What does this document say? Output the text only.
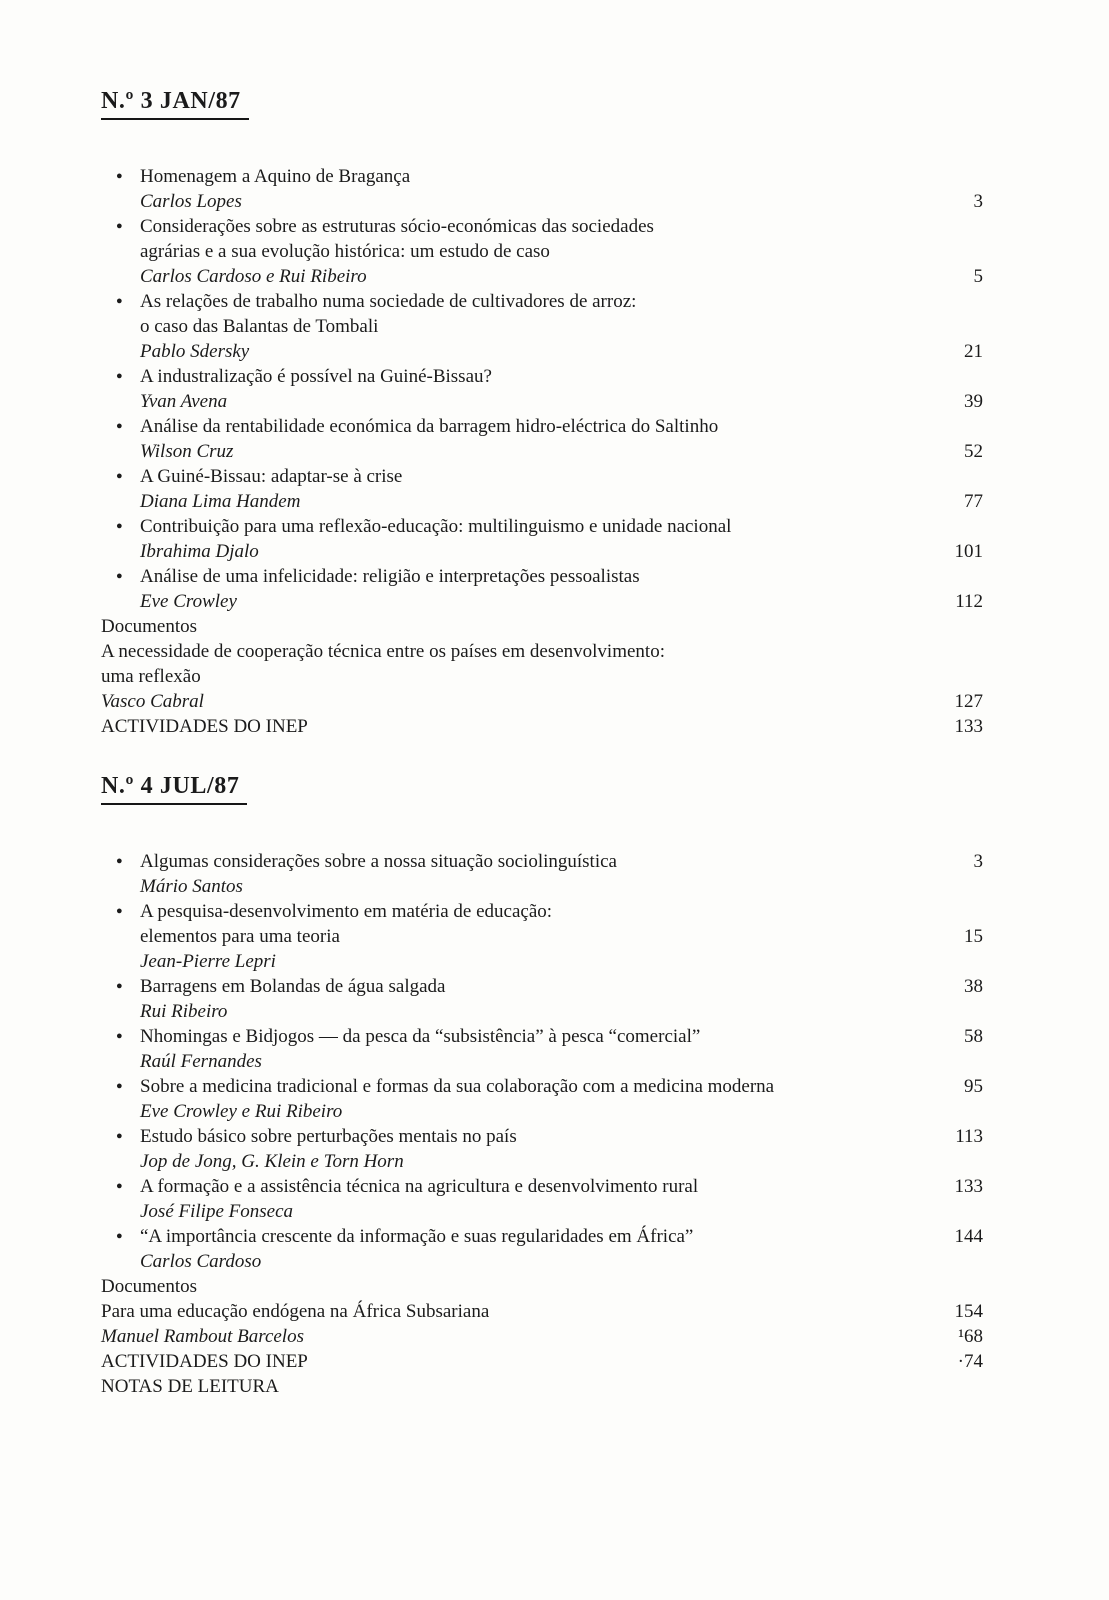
N.º 3 JAN/87
● Homenagem a Aquino de Bragança
Carlos Lopes	3
● Considerações sobre as estruturas sócio-económicas das sociedades
agrárias e a sua evolução histórica: um estudo de caso
Carlos Cardoso e Rui Ribeiro	5
● As relações de trabalho numa sociedade de cultivadores de arroz:
o caso das Balantas de Tombali
Pablo Sdersky	21
● A industralização é possível na Guiné-Bissau?
Yvan Avena	39
● Análise da rentabilidade económica da barragem hidro-eléctrica do Saltinho
Wilson Cruz	52
● A Guiné-Bissau: adaptar-se à crise
Diana Lima Handem	77
● Contribuição para uma reflexão-educação: multilinguismo e unidade nacional
Ibrahima Djalo	101
● Análise de uma infelicidade: religião e interpretações pessoalistas
Eve Crowley	112
Documentos
A necessidade de cooperação técnica entre os países em desenvolvimento:
uma reflexão
Vasco Cabral	127
ACTIVIDADES DO INEP	133
N.º 4 JUL/87
● Algumas considerações sobre a nossa situação sociolinguística	3
Mário Santos
● A pesquisa-desenvolvimento em matéria de educação:
elementos para uma teoria	15
Jean-Pierre Lepri
● Barragens em Bolandas de água salgada	38
Rui Ribeiro
● Nhomingas e Bidjogos — da pesca da “subsistência” à pesca “comercial”	58
Raúl Fernandes
● Sobre a medicina tradicional e formas da sua colaboração com a medicina moderna	95
Eve Crowley e Rui Ribeiro
● Estudo básico sobre perturbações mentais no país	113
Jop de Jong, G. Klein e Torn Horn
● A formação e a assistência técnica na agricultura e desenvolvimento rural	133
José Filipe Fonseca
● “A importância crescente da informação e suas regularidades em África”	144
Carlos Cardoso
Documentos
Para uma educação endógena na África Subsariana	154
Manuel Rambout Barcelos	¹68
ACTIVIDADES DO INEP	·74
NOTAS DE LEITURA
